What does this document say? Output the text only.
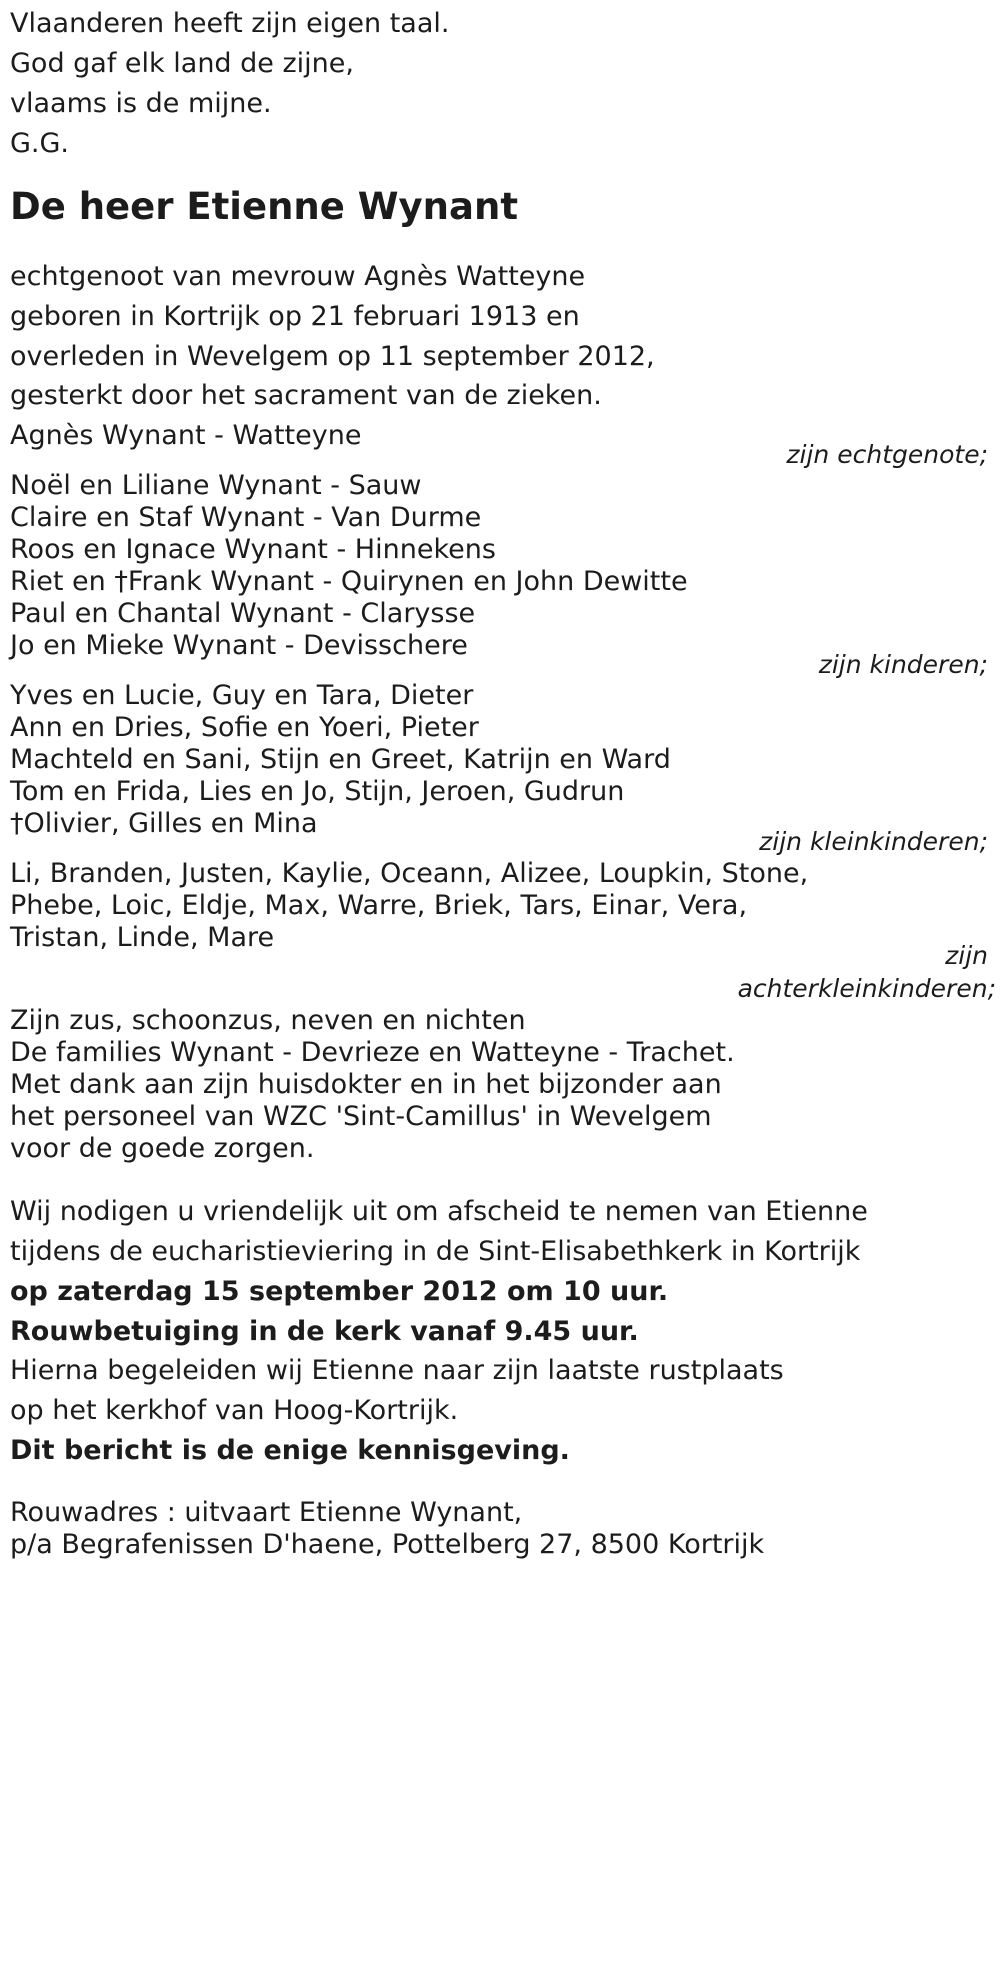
Vlaanderen heeft zijn eigen taal.
God gaf elk land de zijne,
vlaams is de mijne.
G.G.
De heer Etienne Wynant
echtgenoot van mevrouw Agnès Watteyne
geboren in Kortrijk op 21 februari 1913 en
overleden in Wevelgem op 11 september 2012,
gesterkt door het sacrament van de zieken.
Agnès Wynant - Watteyne
zijn echtgenote;
Noël en Liliane Wynant - Sauw
Claire en Staf Wynant - Van Durme
Roos en Ignace Wynant - Hinnekens
Riet en †Frank Wynant - Quirynen en John Dewitte
Paul en Chantal Wynant - Clarysse
Jo en Mieke Wynant - Devisschere
zijn kinderen;
Yves en Lucie, Guy en Tara, Dieter
Ann en Dries, Sofie en Yoeri, Pieter
Machteld en Sani, Stijn en Greet, Katrijn en Ward
Tom en Frida, Lies en Jo, Stijn, Jeroen, Gudrun
†Olivier, Gilles en Mina
zijn kleinkinderen;
Li, Branden, Justen, Kaylie, Oceann, Alizee, Loupkin, Stone,
Phebe, Loic, Eldje, Max, Warre, Briek, Tars, Einar, Vera,
Tristan, Linde, Mare
zijn
achterkleinkinderen;
Zijn zus, schoonzus, neven en nichten
De families Wynant - Devrieze en Watteyne - Trachet.
Met dank aan zijn huisdokter en in het bijzonder aan
het personeel van WZC 'Sint-Camillus' in Wevelgem
voor de goede zorgen.
Wij nodigen u vriendelijk uit om afscheid te nemen van Etienne
tijdens de eucharistieviering in de Sint-Elisabethkerk in Kortrijk
op zaterdag 15 september 2012 om 10 uur.
Rouwbetuiging in de kerk vanaf 9.45 uur.
Hierna begeleiden wij Etienne naar zijn laatste rustplaats
op het kerkhof van Hoog-Kortrijk.
Dit bericht is de enige kennisgeving.
Rouwadres : uitvaart Etienne Wynant,
p/a Begrafenissen D'haene, Pottelberg 27, 8500 Kortrijk
